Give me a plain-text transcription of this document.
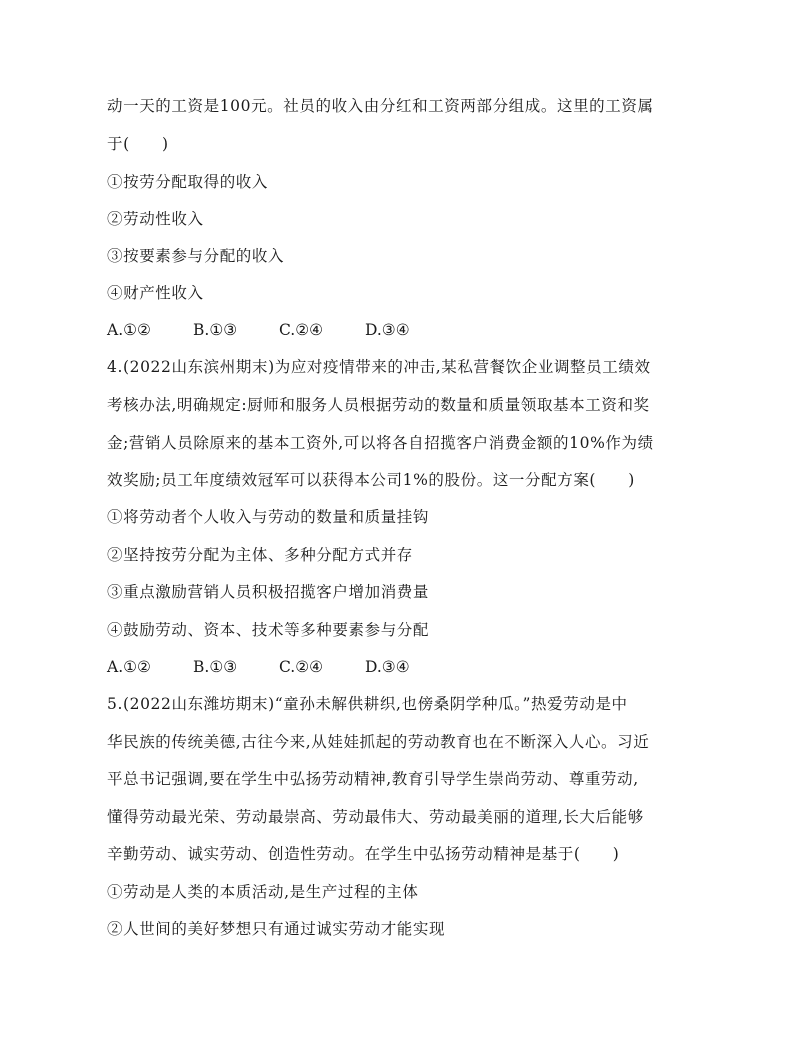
动一天的工资是100元。社员的收入由分红和工资两部分组成。这里的工资属
于(　　)
①按劳分配取得的收入
②劳动性收入
③按要素参与分配的收入
④财产性收入
A.①②	B.①③	C.②④	D.③④
4.(2022山东滨州期末)为应对疫情带来的冲击,某私营餐饮企业调整员工绩效
考核办法,明确规定:厨师和服务人员根据劳动的数量和质量领取基本工资和奖
金;营销人员除原来的基本工资外,可以将各自招揽客户消费金额的10%作为绩
效奖励;员工年度绩效冠军可以获得本公司1%的股份。这一分配方案(　　)
①将劳动者个人收入与劳动的数量和质量挂钩
②坚持按劳分配为主体、多种分配方式并存
③重点激励营销人员积极招揽客户增加消费量
④鼓励劳动、资本、技术等多种要素参与分配
A.①②	B.①③	C.②④	D.③④
5.(2022山东潍坊期末)“童孙未解供耕织,也傍桑阴学种瓜。”热爱劳动是中
华民族的传统美德,古往今来,从娃娃抓起的劳动教育也在不断深入人心。习近
平总书记强调,要在学生中弘扬劳动精神,教育引导学生崇尚劳动、尊重劳动,
懂得劳动最光荣、劳动最崇高、劳动最伟大、劳动最美丽的道理,长大后能够
辛勤劳动、诚实劳动、创造性劳动。在学生中弘扬劳动精神是基于(　　)
①劳动是人类的本质活动,是生产过程的主体
②人世间的美好梦想只有通过诚实劳动才能实现
